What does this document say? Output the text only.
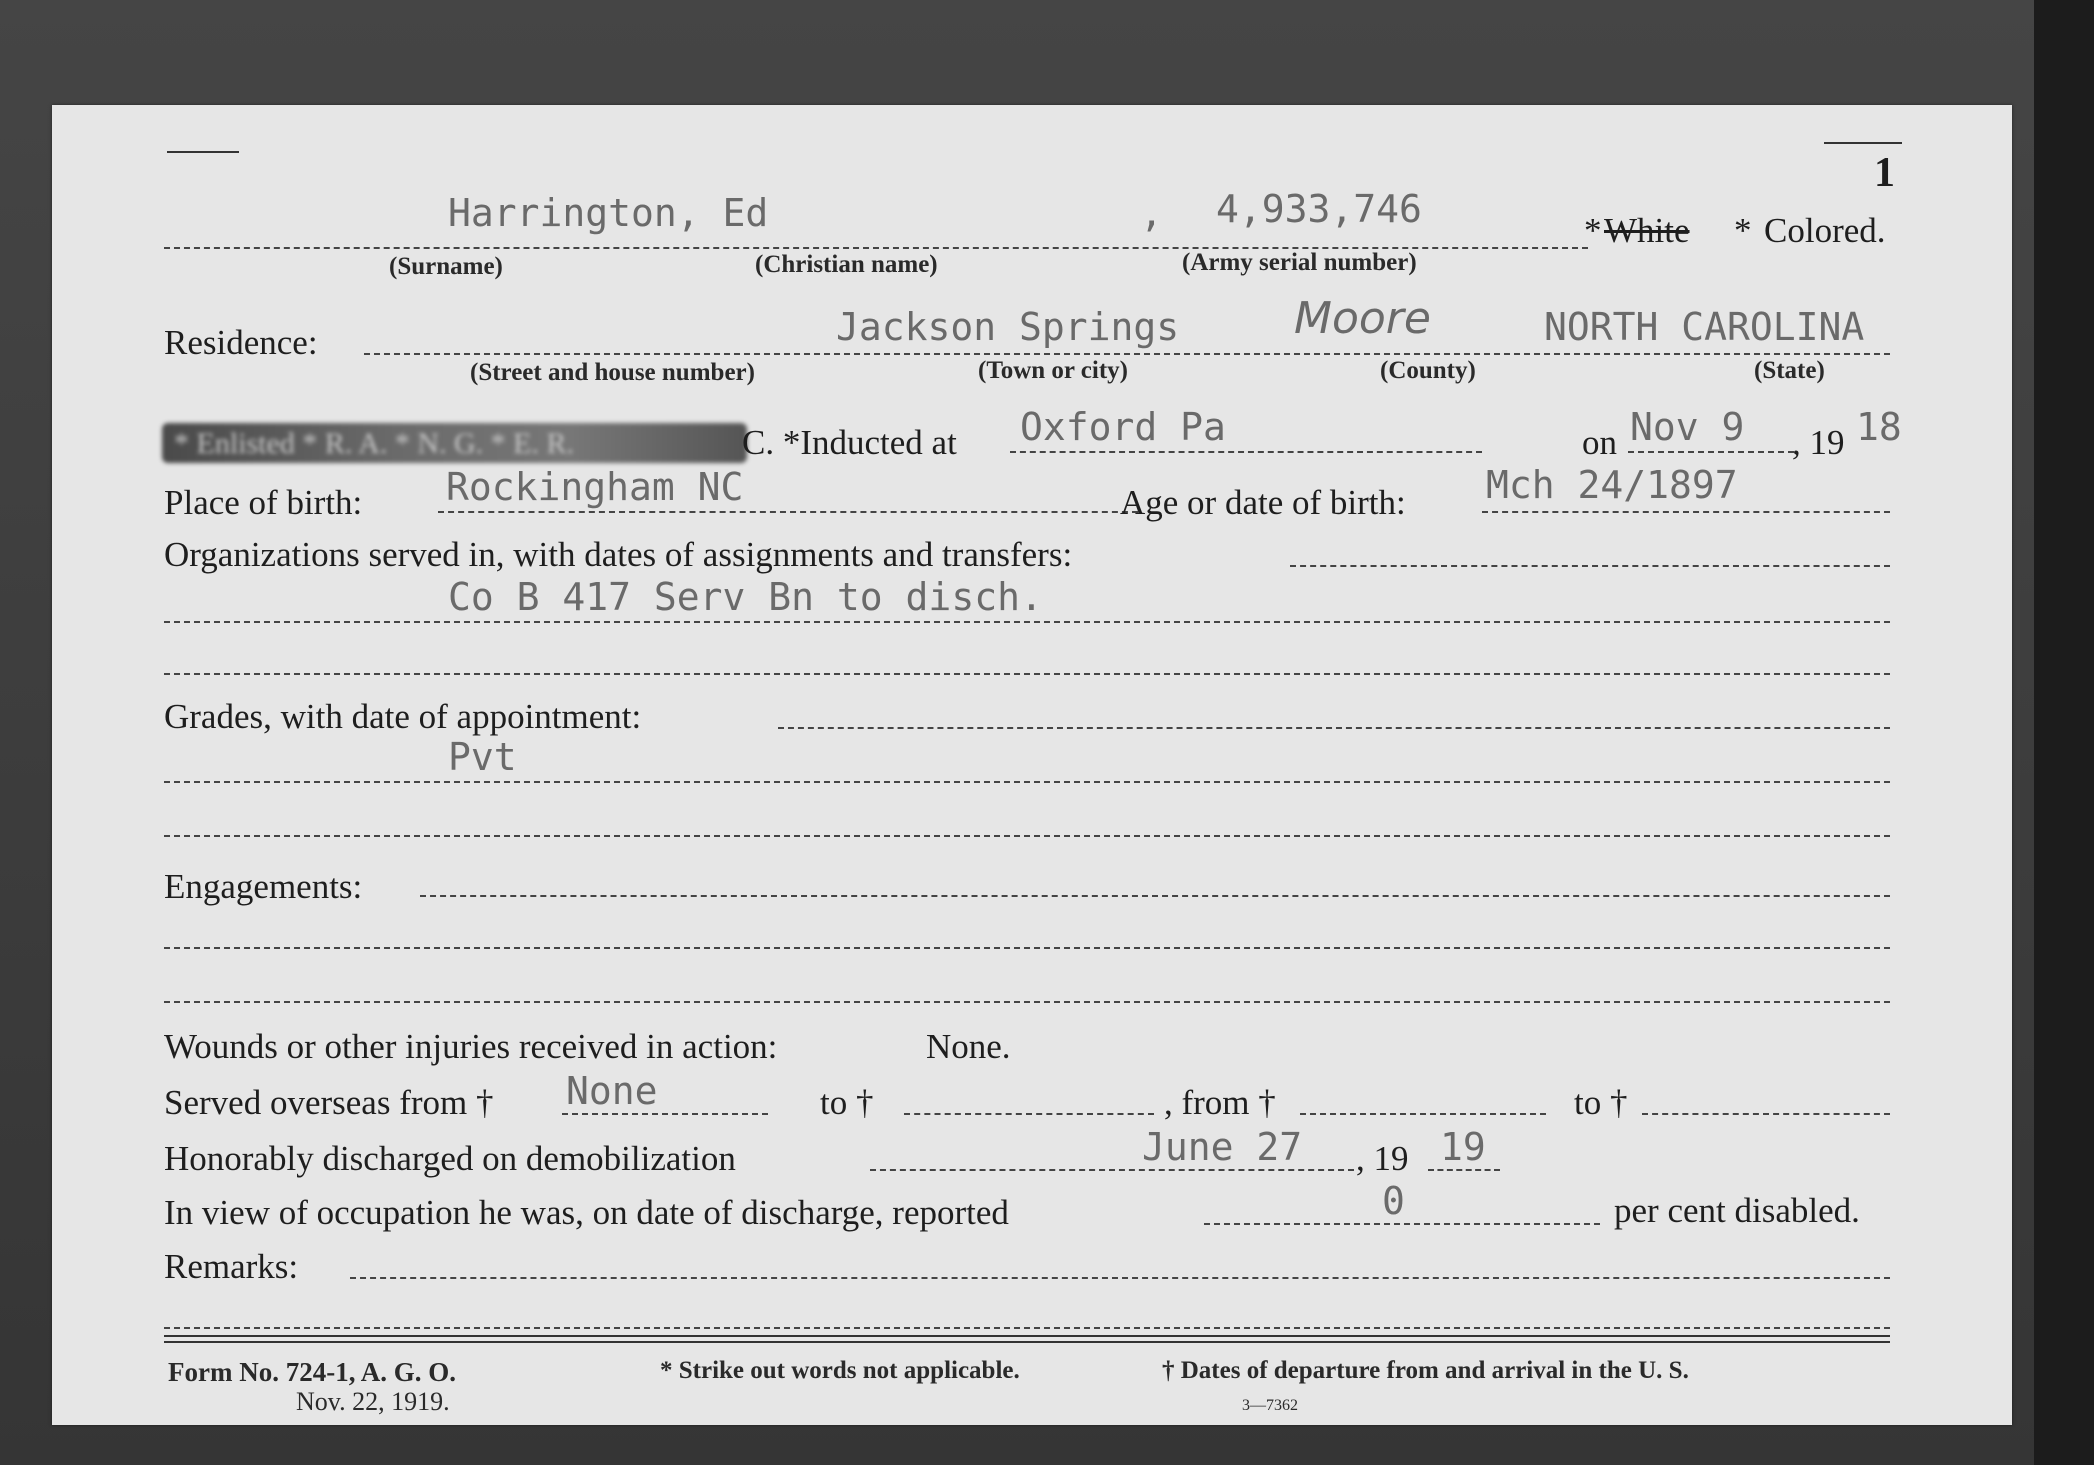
1
Harrington, Ed	, 4,933,746	* White * Colored.
(Surname)	(Christian name)	(Army serial number)
Residence:	Jackson Springs	Moore	NORTH CAROLINA
(Street and house number)	(Town or city)	(County)	(State)
* Enlisted * R. A. * N. G. * E. R.	C. *Inducted at Oxford Pa	on Nov 9 , 19 18
Place of birth: Rockingham NC	Age or date of birth: Mch 24/1897
Organizations served in, with dates of assignments and transfers:
Co B 417 Serv Bn to disch.
Grades, with date of appointment:
Pvt
Engagements:
Wounds or other injuries received in action:	None.
Served overseas from † None	to †	, from †	to †
Honorably discharged on demobilization	June 27 , 19 19
In view of occupation he was, on date of discharge, reported	0	per cent disabled.
Remarks:
Form No. 724-1, A. G. O.
Nov. 22, 1919.
* Strike out words not applicable.	† Dates of departure from and arrival in the U. S.
3—7362
